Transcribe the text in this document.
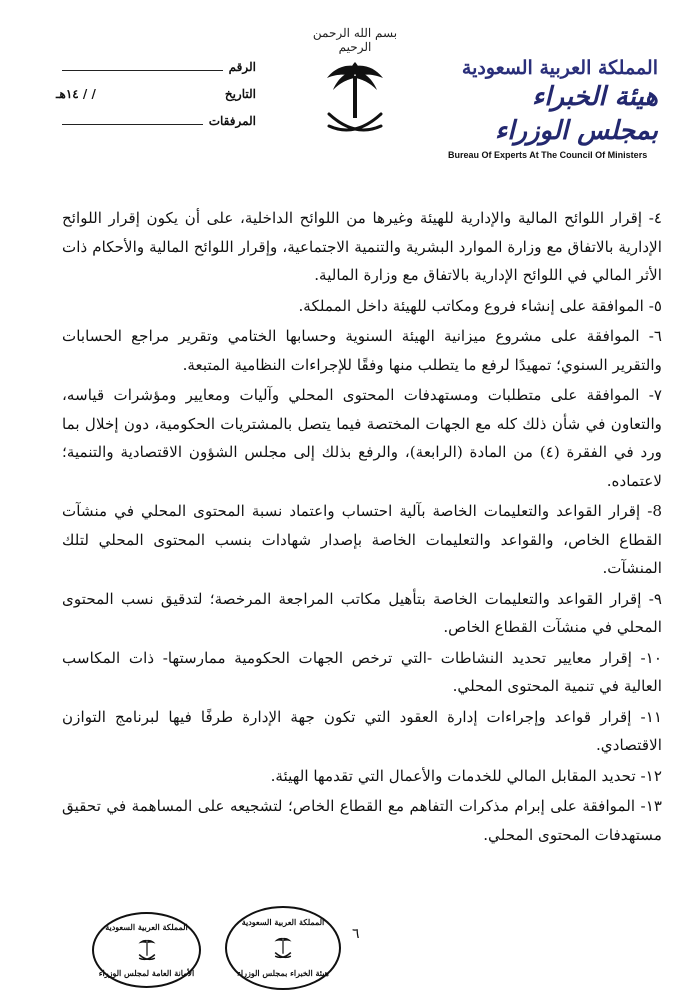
الرقم
التاريخ
/ / ١٤هـ
المرفقات
بسم الله الرحمن الرحيم
المملكة العربية السعودية
هيئة الخبراء بمجلس الوزراء
Bureau Of Experts At The Council Of Ministers

٤- إقرار اللوائح المالية والإدارية للهيئة وغيرها من اللوائح الداخلية، على أن يكون إقرار اللوائح الإدارية بالاتفاق مع وزارة الموارد البشرية والتنمية الاجتماعية، وإقرار اللوائح المالية والأحكام ذات الأثر المالي في اللوائح الإدارية بالاتفاق مع وزارة المالية.

٥- الموافقة على إنشاء فروع ومكاتب للهيئة داخل المملكة.

٦- الموافقة على مشروع ميزانية الهيئة السنوية وحسابها الختامي وتقرير مراجع الحسابات والتقرير السنوي؛ تمهيدًا لرفع ما يتطلب منها وفقًا للإجراءات النظامية المتبعة.

٧- الموافقة على متطلبات ومستهدفات المحتوى المحلي وآليات ومعايير ومؤشرات قياسه، والتعاون في شأن ذلك كله مع الجهات المختصة فيما يتصل بالمشتريات الحكومية، دون إخلال بما ورد في الفقرة (٤) من المادة (الرابعة)، والرفع بذلك إلى مجلس الشؤون الاقتصادية والتنمية؛ لاعتماده.

8- إقرار القواعد والتعليمات الخاصة بآلية احتساب واعتماد نسبة المحتوى المحلي في منشآت القطاع الخاص، والقواعد والتعليمات الخاصة بإصدار شهادات بنسب المحتوى المحلي لتلك المنشآت.

٩- إقرار القواعد والتعليمات الخاصة بتأهيل مكاتب المراجعة المرخصة؛ لتدقيق نسب المحتوى المحلي في منشآت القطاع الخاص.

١٠- إقرار معايير تحديد النشاطات -التي ترخص الجهات الحكومية ممارستها- ذات المكاسب العالية في تنمية المحتوى المحلي.

١١- إقرار قواعد وإجراءات إدارة العقود التي تكون جهة الإدارة طرفًا فيها لبرنامج التوازن الاقتصادي.

١٢- تحديد المقابل المالي للخدمات والأعمال التي تقدمها الهيئة.

١٣- الموافقة على إبرام مذكرات التفاهم مع القطاع الخاص؛ لتشجيعه على المساهمة في تحقيق مستهدفات المحتوى المحلي.

٦
المملكة العربية السعودية
الأمانة العامة لمجلس الوزراء
المملكة العربية السعودية
هيئة الخبراء بمجلس الوزراء
